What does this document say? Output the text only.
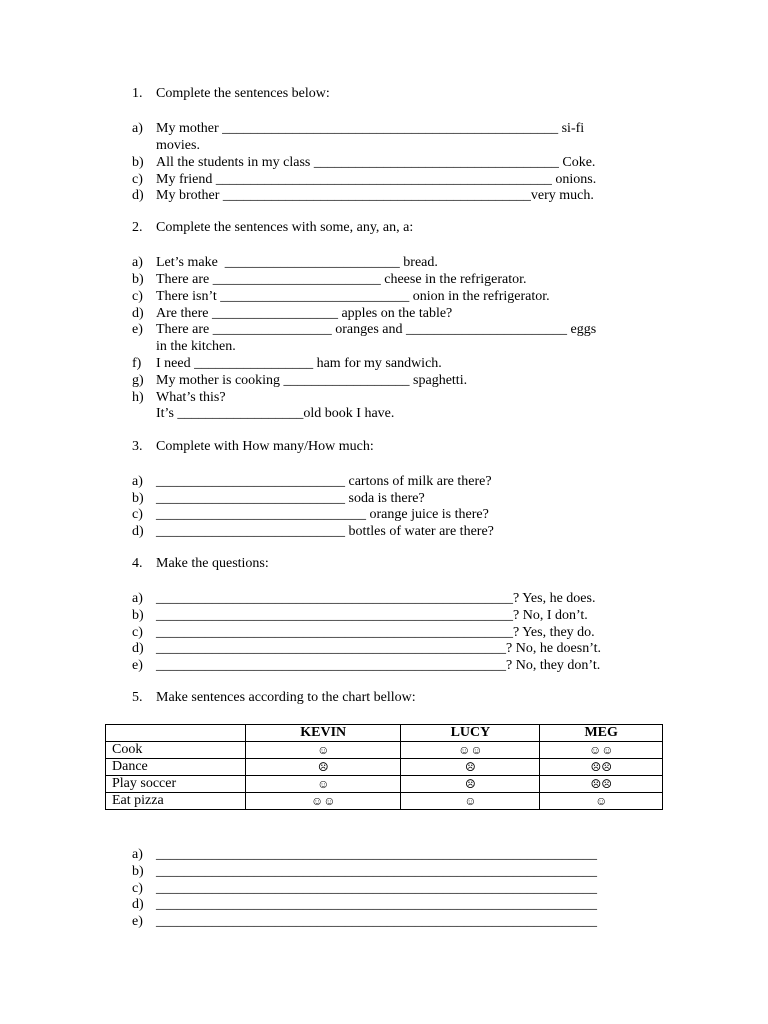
1. Complete the sentences below:
a) My mother ________________________________________________ si-fi
movies.
b) All the students in my class ___________________________________ Coke.
c) My friend ________________________________________________ onions.
d) My brother ____________________________________________very much.
2. Complete the sentences with some, any, an, a:
a) Let’s make  _________________________ bread.
b) There are ________________________ cheese in the refrigerator.
c) There isn’t ___________________________ onion in the refrigerator.
d) Are there __________________ apples on the table?
e) There are _________________ oranges and _______________________ eggs
in the kitchen.
f) I need _________________ ham for my sandwich.
g) My mother is cooking __________________ spaghetti.
h) What’s this?
It’s __________________old book I have.
3. Complete with How many/How much:
a) ___________________________ cartons of milk are there?
b) ___________________________ soda is there?
c) ______________________________ orange juice is there?
d) ___________________________ bottles of water are there?
4. Make the questions:
a) ___________________________________________________? Yes, he does.
b) ___________________________________________________? No, I don’t.
c) ___________________________________________________? Yes, they do.
d) __________________________________________________? No, he doesn’t.
e) __________________________________________________? No, they don’t.
5. Make sentences according to the chart bellow:
	KEVIN	LUCY	MEG
Cook	☺	☺☺	☺☺
Dance	☹	☹	☹☹
Play soccer	☺	☹	☹☹
Eat pizza	☺☺	☺	☺
a) _______________________________________________________________
b) _______________________________________________________________
c) _______________________________________________________________
d) _______________________________________________________________
e) _______________________________________________________________
